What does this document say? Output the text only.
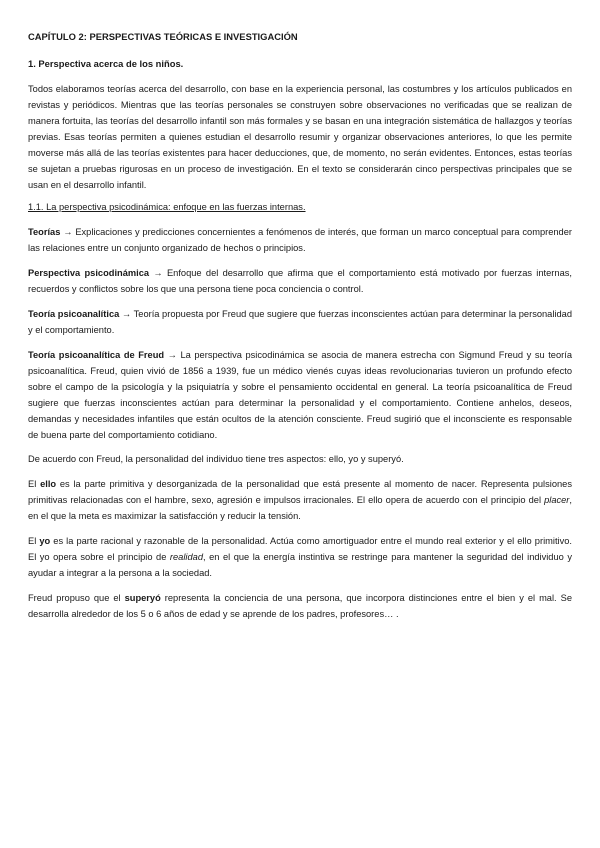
CAPÍTULO 2: PERSPECTIVAS TEÓRICAS E INVESTIGACIÓN
1. Perspectiva acerca de los niños.
Todos elaboramos teorías acerca del desarrollo, con base en la experiencia personal, las costumbres y los artículos publicados en revistas y periódicos. Mientras que las teorías personales se construyen sobre observaciones no verificadas que se realizan de manera fortuita, las teorías del desarrollo infantil son más formales y se basan en una integración sistemática de hallazgos y teorías previas. Esas teorías permiten a quienes estudian el desarrollo resumir y organizar observaciones anteriores, lo que les permite moverse más allá de las teorías existentes para hacer deducciones, que, de momento, no serán evidentes. Entonces, estas teorías se sujetan a pruebas rigurosas en un proceso de investigación. En el texto se considerarán cinco perspectivas principales que se usan en el desarrollo infantil.
1.1. La perspectiva psicodinámica: enfoque en las fuerzas internas.
Teorías → Explicaciones y predicciones concernientes a fenómenos de interés, que forman un marco conceptual para comprender las relaciones entre un conjunto organizado de hechos o principios.
Perspectiva psicodinámica → Enfoque del desarrollo que afirma que el comportamiento está motivado por fuerzas internas, recuerdos y conflictos sobre los que una persona tiene poca conciencia o control.
Teoría psicoanalítica → Teoría propuesta por Freud que sugiere que fuerzas inconscientes actúan para determinar la personalidad y el comportamiento.
Teoría psicoanalítica de Freud → La perspectiva psicodinámica se asocia de manera estrecha con Sigmund Freud y su teoría psicoanalítica. Freud, quien vivió de 1856 a 1939, fue un médico vienés cuyas ideas revolucionarias tuvieron un profundo efecto sobre el campo de la psicología y la psiquiatría y sobre el pensamiento occidental en general. La teoría psicoanalítica de Freud sugiere que fuerzas inconscientes actúan para determinar la personalidad y el comportamiento. Contiene anhelos, deseos, demandas y necesidades infantiles que están ocultos de la atención consciente. Freud sugirió que el inconsciente es responsable de buena parte del comportamiento cotidiano.
De acuerdo con Freud, la personalidad del individuo tiene tres aspectos: ello, yo y superyó.
El ello es la parte primitiva y desorganizada de la personalidad que está presente al momento de nacer. Representa pulsiones primitivas relacionadas con el hambre, sexo, agresión e impulsos irracionales. El ello opera de acuerdo con el principio del placer, en el que la meta es maximizar la satisfacción y reducir la tensión.
El yo es la parte racional y razonable de la personalidad. Actúa como amortiguador entre el mundo real exterior y el ello primitivo. El yo opera sobre el principio de realidad, en el que la energía instintiva se restringe para mantener la seguridad del individuo y ayudar a integrar a la persona a la sociedad.
Freud propuso que el superyó representa la conciencia de una persona, que incorpora distinciones entre el bien y el mal. Se desarrolla alrededor de los 5 o 6 años de edad y se aprende de los padres, profesores… .
